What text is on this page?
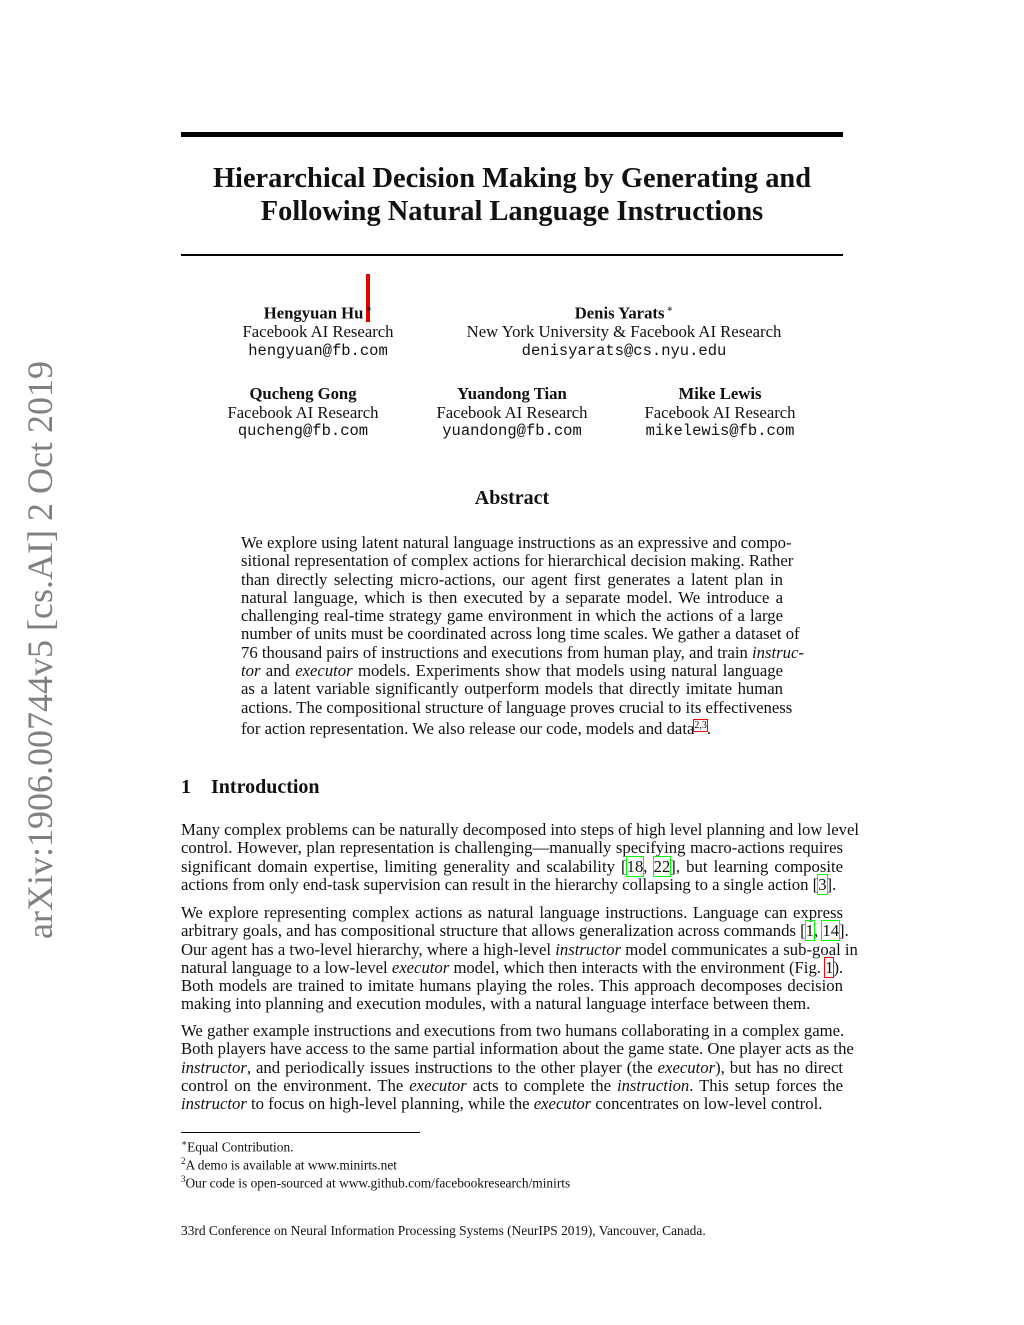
arXiv:1906.00744v5 [cs.AI] 2 Oct 2019
Hierarchical Decision Making by Generating and
Following Natural Language Instructions
Hengyuan Hu ∗
Facebook AI Research
hengyuan@fb.com
Denis Yarats ∗
New York University & Facebook AI Research
denisyarats@cs.nyu.edu
Qucheng Gong
Facebook AI Research
qucheng@fb.com
Yuandong Tian
Facebook AI Research
yuandong@fb.com
Mike Lewis
Facebook AI Research
mikelewis@fb.com
Abstract
We explore using latent natural language instructions as an expressive and compo-
sitional representation of complex actions for hierarchical decision making. Rather
than directly selecting micro-actions, our agent first generates a latent plan in
natural language, which is then executed by a separate model. We introduce a
challenging real-time strategy game environment in which the actions of a large
number of units must be coordinated across long time scales. We gather a dataset of
76 thousand pairs of instructions and executions from human play, and train instruc-
tor and executor models. Experiments show that models using natural language
as a latent variable significantly outperform models that directly imitate human
actions. The compositional structure of language proves crucial to its effectiveness
for action representation. We also release our code, models and data$^{2,3}$.
1 Introduction
Many complex problems can be naturally decomposed into steps of high level planning and low level
control. However, plan representation is challenging—manually specifying macro-actions requires
significant domain expertise, limiting generality and scalability [18, 22], but learning composite
actions from only end-task supervision can result in the hierarchy collapsing to a single action [3].
We explore representing complex actions as natural language instructions. Language can express
arbitrary goals, and has compositional structure that allows generalization across commands [1, 14].
Our agent has a two-level hierarchy, where a high-level instructor model communicates a sub-goal in
natural language to a low-level executor model, which then interacts with the environment (Fig. 1).
Both models are trained to imitate humans playing the roles. This approach decomposes decision
making into planning and execution modules, with a natural language interface between them.
We gather example instructions and executions from two humans collaborating in a complex game.
Both players have access to the same partial information about the game state. One player acts as the
instructor, and periodically issues instructions to the other player (the executor), but has no direct
control on the environment. The executor acts to complete the instruction. This setup forces the
instructor to focus on high-level planning, while the executor concentrates on low-level control.
∗Equal Contribution.
$^2$A demo is available at www.minirts.net
$^3$Our code is open-sourced at www.github.com/facebookresearch/minirts
33rd Conference on Neural Information Processing Systems (NeurIPS 2019), Vancouver, Canada.
